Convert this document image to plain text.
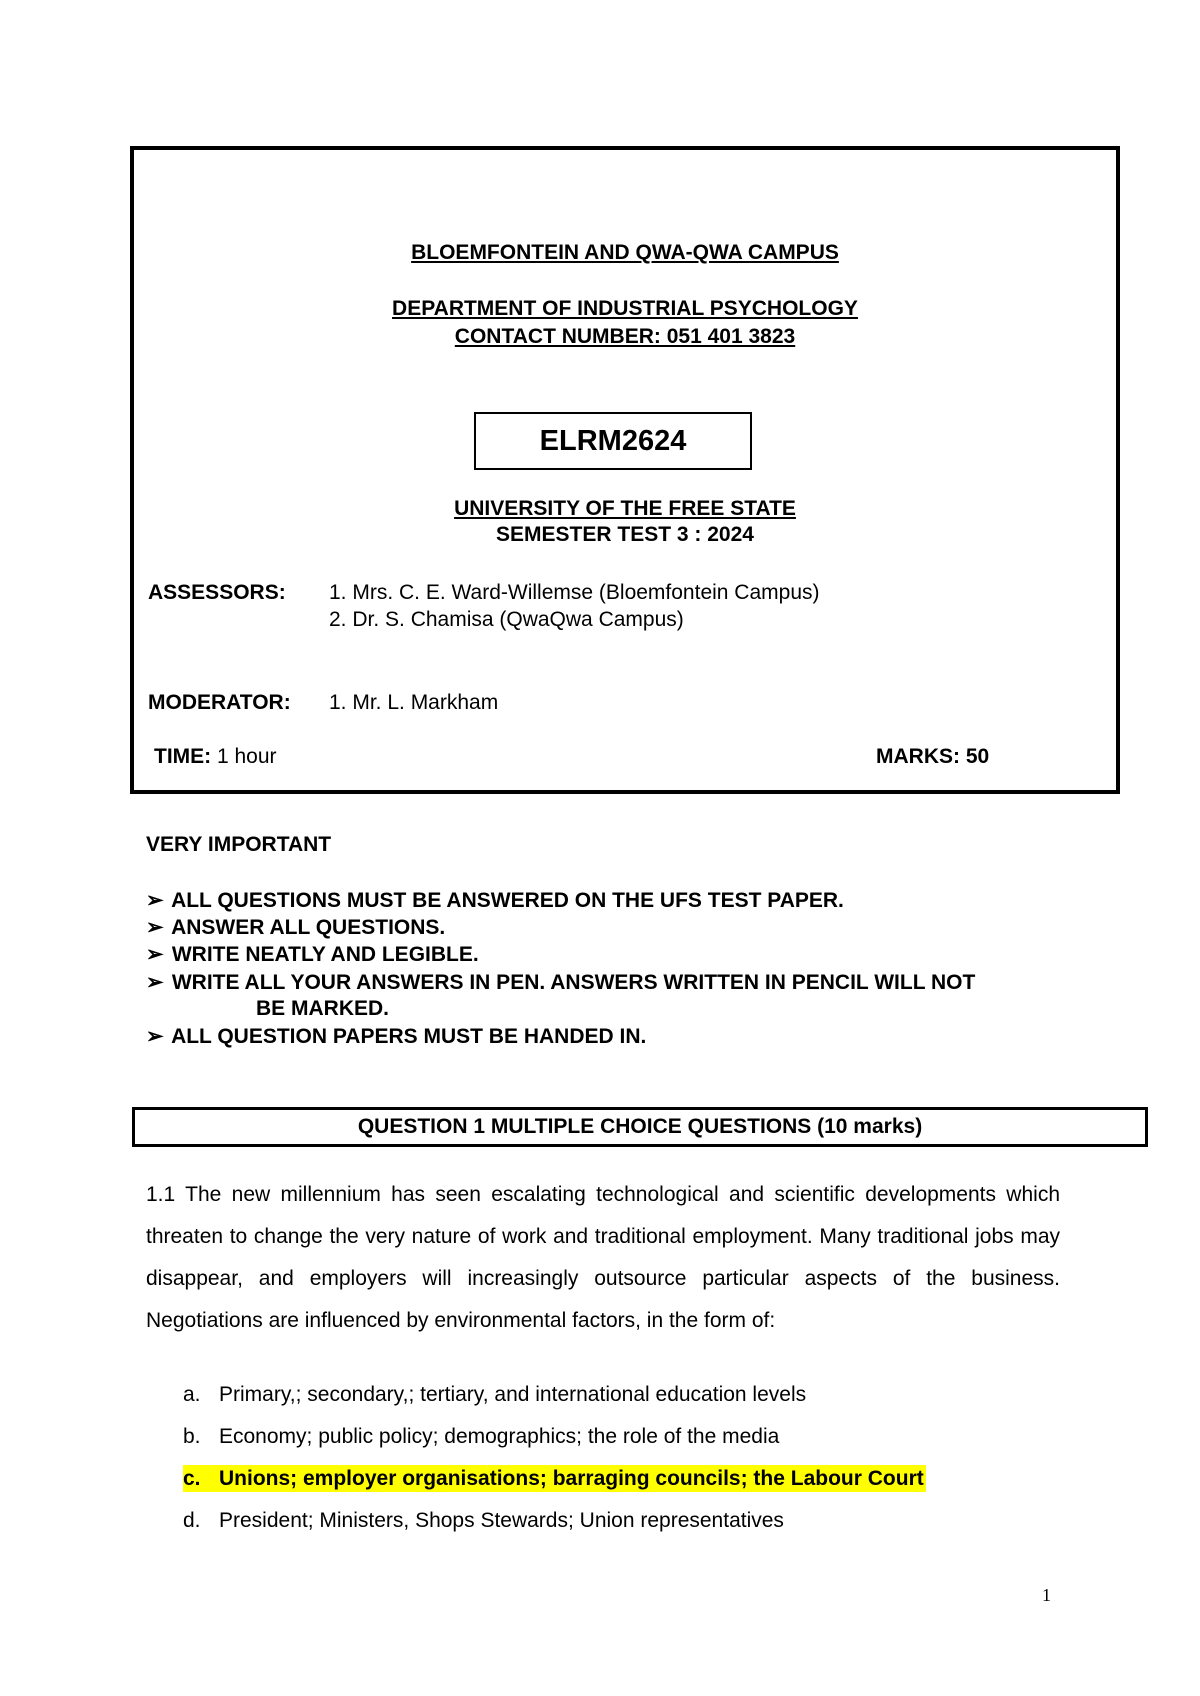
BLOEMFONTEIN AND QWA-QWA CAMPUS
DEPARTMENT OF INDUSTRIAL PSYCHOLOGY
CONTACT NUMBER: 051 401 3823
ELRM2624
UNIVERSITY OF THE FREE STATE
SEMESTER TEST 3 : 2024
ASSESSORS: 1. Mrs. C. E. Ward-Willemse (Bloemfontein Campus)
2. Dr. S. Chamisa (QwaQwa Campus)
MODERATOR: 1. Mr. L. Markham
TIME: 1 hour	MARKS: 50
VERY IMPORTANT
➢ ALL QUESTIONS MUST BE ANSWERED ON THE UFS TEST PAPER.
➢ ANSWER ALL QUESTIONS.
➢ WRITE NEATLY AND LEGIBLE.
➢ WRITE ALL YOUR ANSWERS IN PEN. ANSWERS WRITTEN IN PENCIL WILL NOT
BE MARKED.
➢ ALL QUESTION PAPERS MUST BE HANDED IN.
QUESTION 1 MULTIPLE CHOICE QUESTIONS (10 marks)
1.1 The new millennium has seen escalating technological and scientific developments which threaten to change the very nature of work and traditional employment. Many traditional jobs may disappear, and employers will increasingly outsource particular aspects of the business. Negotiations are influenced by environmental factors, in the form of:
a. Primary,; secondary,; tertiary, and international education levels
b. Economy; public policy; demographics; the role of the media
c. Unions; employer organisations; barraging councils; the Labour Court
d. President; Ministers, Shops Stewards; Union representatives
1
